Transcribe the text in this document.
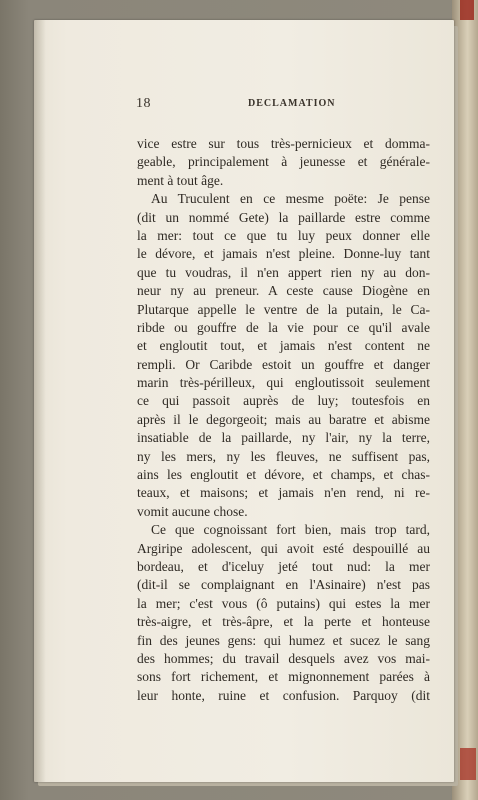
18	DECLAMATION
vice estre sur tous très-pernicieux et domma-
geable, principalement à jeunesse et générale-
ment à tout âge.
Au Truculent en ce mesme poëte: Je pense
(dit un nommé Gete) la paillarde estre comme
la mer: tout ce que tu luy peux donner elle
le dévore, et jamais n'est pleine. Donne-luy tant
que tu voudras, il n'en appert rien ny au don-
neur ny au preneur. A ceste cause Diogène en
Plutarque appelle le ventre de la putain, le Ca-
ribde ou gouffre de la vie pour ce qu'il avale
et engloutit tout, et jamais n'est content ne
rempli. Or Caribde estoit un gouffre et danger
marin très-périlleux, qui engloutissoit seulement
ce qui passoit auprès de luy; toutesfois en
après il le degorgeoit; mais au baratre et abisme
insatiable de la paillarde, ny l'air, ny la terre,
ny les mers, ny les fleuves, ne suffisent pas,
ains les engloutit et dévore, et champs, et chas-
teaux, et maisons; et jamais n'en rend, ni re-
vomit aucune chose.
Ce que cognoissant fort bien, mais trop tard,
Argiripe adolescent, qui avoit esté despouillé au
bordeau, et d'iceluy jeté tout nud: la mer
(dit-il se complaignant en l'Asinaire) n'est pas
la mer; c'est vous (ô putains) qui estes la mer
très-aigre, et très-âpre, et la perte et honteuse
fin des jeunes gens: qui humez et sucez le sang
des hommes; du travail desquels avez vos mai-
sons fort richement, et mignonnement parées à
leur honte, ruine et confusion. Parquoy (dit
